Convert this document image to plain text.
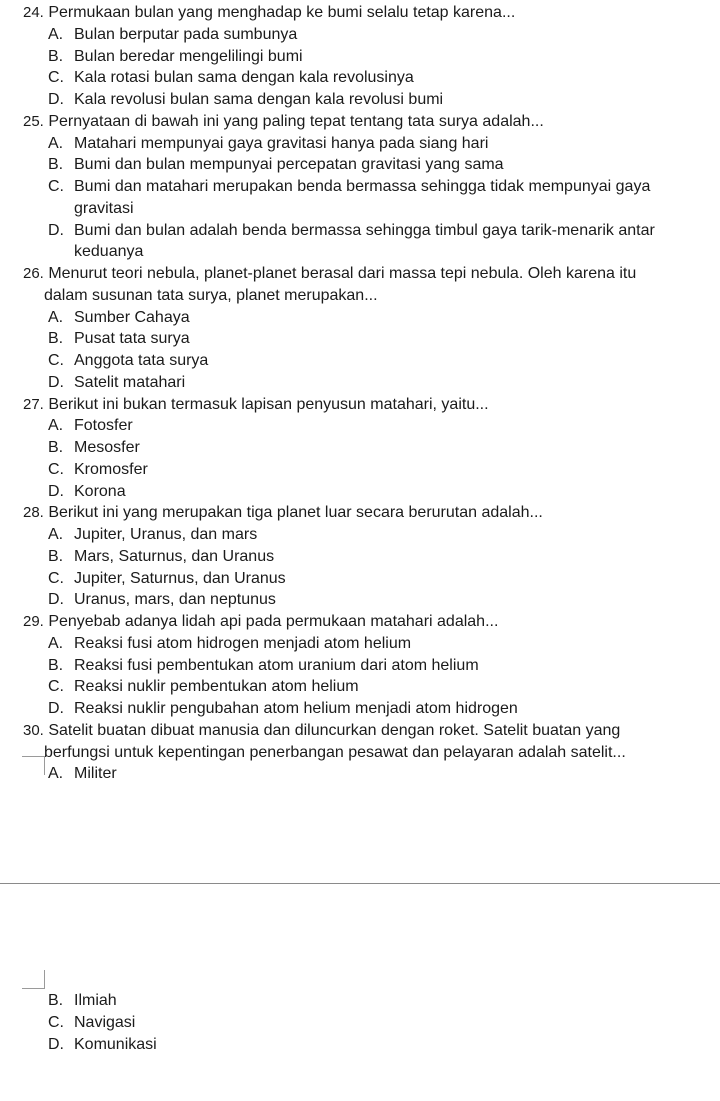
24. Permukaan bulan yang menghadap ke bumi selalu tetap karena...
A. Bulan berputar pada sumbunya
B. Bulan beredar mengelilingi bumi
C. Kala rotasi bulan sama dengan kala revolusinya
D. Kala revolusi bulan sama dengan kala revolusi bumi
25. Pernyataan di bawah ini yang paling tepat tentang tata surya adalah...
A. Matahari mempunyai gaya gravitasi hanya pada siang hari
B. Bumi dan bulan mempunyai percepatan gravitasi yang sama
C. Bumi dan matahari merupakan benda bermassa sehingga tidak mempunyai gaya
gravitasi
D. Bumi dan bulan adalah benda bermassa sehingga timbul gaya tarik-menarik antar
keduanya
26. Menurut teori nebula, planet-planet berasal dari massa tepi nebula. Oleh karena itu
dalam susunan tata surya, planet merupakan...
A. Sumber Cahaya
B. Pusat tata surya
C. Anggota tata surya
D. Satelit matahari
27. Berikut ini bukan termasuk lapisan penyusun matahari, yaitu...
A. Fotosfer
B. Mesosfer
C. Kromosfer
D. Korona
28. Berikut ini yang merupakan tiga planet luar secara berurutan adalah...
A. Jupiter, Uranus, dan mars
B. Mars, Saturnus, dan Uranus
C. Jupiter, Saturnus, dan Uranus
D. Uranus, mars, dan neptunus
29. Penyebab adanya lidah api pada permukaan matahari adalah...
A. Reaksi fusi atom hidrogen menjadi atom helium
B. Reaksi fusi pembentukan atom uranium dari atom helium
C. Reaksi nuklir pembentukan atom helium
D. Reaksi nuklir pengubahan atom helium menjadi atom hidrogen
30. Satelit buatan dibuat manusia dan diluncurkan dengan roket. Satelit buatan yang
berfungsi untuk kepentingan penerbangan pesawat dan pelayaran adalah satelit...
A. Militer
B. Ilmiah
C. Navigasi
D. Komunikasi
